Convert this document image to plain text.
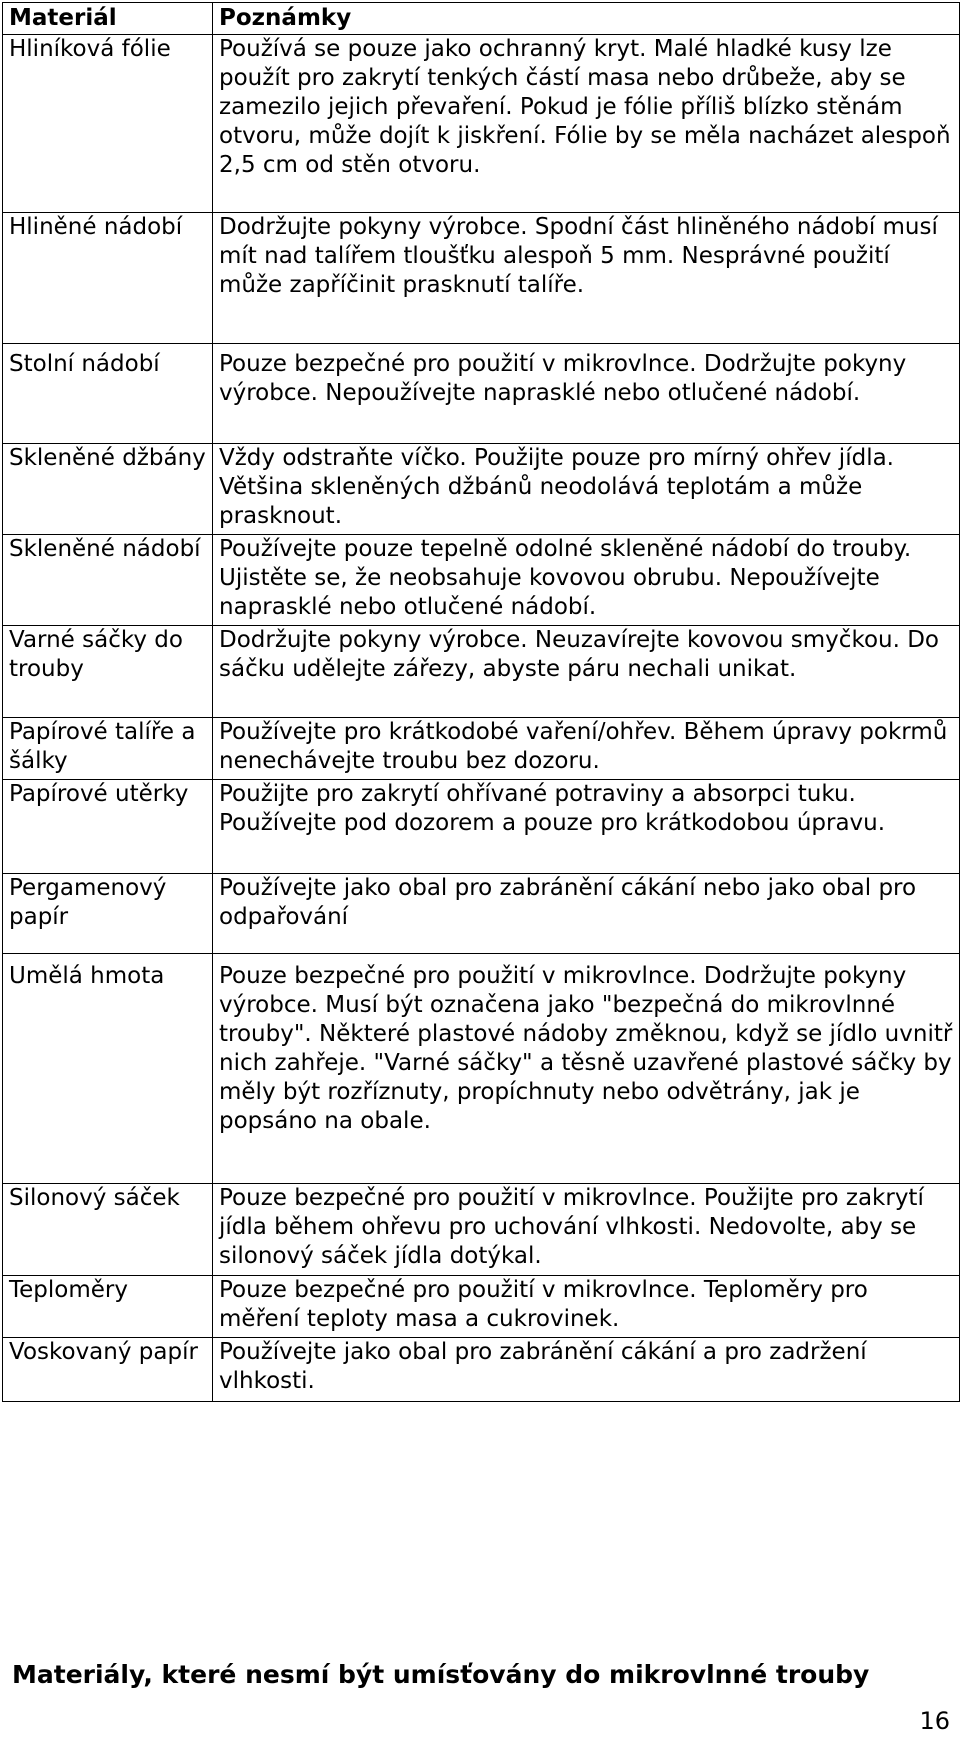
Materiál	Poznámky
Hliníková fólie	Používá se pouze jako ochranný kryt. Malé hladké kusy lze použít pro zakrytí tenkých částí masa nebo drůbeže, aby se zamezilo jejich převaření. Pokud je fólie příliš blízko stěnám otvoru, může dojít k jiskření. Fólie by se měla nacházet alespoň 2,5 cm od stěn otvoru.
Hliněné nádobí	Dodržujte pokyny výrobce. Spodní část hliněného nádobí musí mít nad talířem tloušťku alespoň 5 mm. Nesprávné použití může zapříčinit prasknutí talíře.
Stolní nádobí	Pouze bezpečné pro použití v mikrovlnce. Dodržujte pokyny výrobce. Nepoužívejte naprasklé nebo otlučené nádobí.
Skleněné džbány	Vždy odstraňte víčko. Použijte pouze pro mírný ohřev jídla. Většina skleněných džbánů neodolává teplotám a může prasknout.
Skleněné nádobí	Používejte pouze tepelně odolné skleněné nádobí do trouby. Ujistěte se, že neobsahuje kovovou obrubu. Nepoužívejte naprasklé nebo otlučené nádobí.
Varné sáčky do trouby	Dodržujte pokyny výrobce. Neuzavírejte kovovou smyčkou. Do sáčku udělejte zářezy, abyste páru nechali unikat.
Papírové talíře a šálky	Používejte pro krátkodobé vaření/ohřev. Během úpravy pokrmů nenechávejte troubu bez dozoru.
Papírové utěrky	Použijte pro zakrytí ohřívané potraviny a absorpci tuku. Používejte pod dozorem a pouze pro krátkodobou úpravu.
Pergamenový papír	Používejte jako obal pro zabránění cákání nebo jako obal pro odpařování
Umělá hmota	Pouze bezpečné pro použití v mikrovlnce. Dodržujte pokyny výrobce. Musí být označena jako "bezpečná do mikrovlnné trouby". Některé plastové nádoby změknou, když se jídlo uvnitř nich zahřeje. "Varné sáčky" a těsně uzavřené plastové sáčky by měly být rozříznuty, propíchnuty nebo odvětrány, jak je popsáno na obale.
Silonový sáček	Pouze bezpečné pro použití v mikrovlnce. Použijte pro zakrytí jídla během ohřevu pro uchování vlhkosti. Nedovolte, aby se silonový sáček jídla dotýkal.
Teploměry	Pouze bezpečné pro použití v mikrovlnce. Teploměry pro měření teploty masa a cukrovinek.
Voskovaný papír	Používejte jako obal pro zabránění cákání a pro zadržení vlhkosti.
Materiály, které nesmí být umísťovány do mikrovlnné trouby
16
